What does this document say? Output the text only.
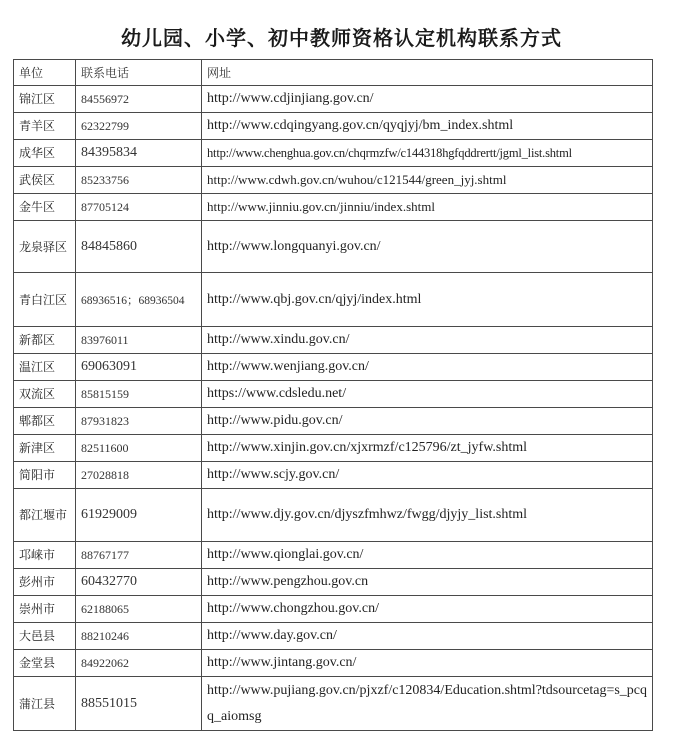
幼儿园、小学、初中教师资格认定机构联系方式
单位	联系电话	网址
锦江区	84556972	http://www.cdjinjiang.gov.cn/
青羊区	62322799	http://www.cdqingyang.gov.cn/qyqjyj/bm_index.shtml
成华区	84395834	http://www.chenghua.gov.cn/chqrmzfw/c144318hgfqddrertt/jgml_list.shtml
武侯区	85233756	http://www.cdwh.gov.cn/wuhou/c121544/green_jyj.shtml
金牛区	87705124	http://www.jinniu.gov.cn/jinniu/index.shtml
龙泉驿区	84845860	http://www.longquanyi.gov.cn/
青白江区	68936516；68936504	http://www.qbj.gov.cn/qjyj/index.html
新都区	83976011	http://www.xindu.gov.cn/
温江区	69063091	http://www.wenjiang.gov.cn/
双流区	85815159	https://www.cdsledu.net/
郫都区	87931823	http://www.pidu.gov.cn/
新津区	82511600	http://www.xinjin.gov.cn/xjxrmzf/c125796/zt_jyfw.shtml
简阳市	27028818	http://www.scjy.gov.cn/
都江堰市	61929009	http://www.djy.gov.cn/djyszfmhwz/fwgg/djyjy_list.shtml
邛崃市	88767177	http://www.qionglai.gov.cn/
彭州市	60432770	http://www.pengzhou.gov.cn
崇州市	62188065	http://www.chongzhou.gov.cn/
大邑县	88210246	http://www.day.gov.cn/
金堂县	84922062	http://www.jintang.gov.cn/
蒲江县	88551015	http://www.pujiang.gov.cn/pjxzf/c120834/Education.shtml?tdsourcetag=s_pcqq_aiomsg
